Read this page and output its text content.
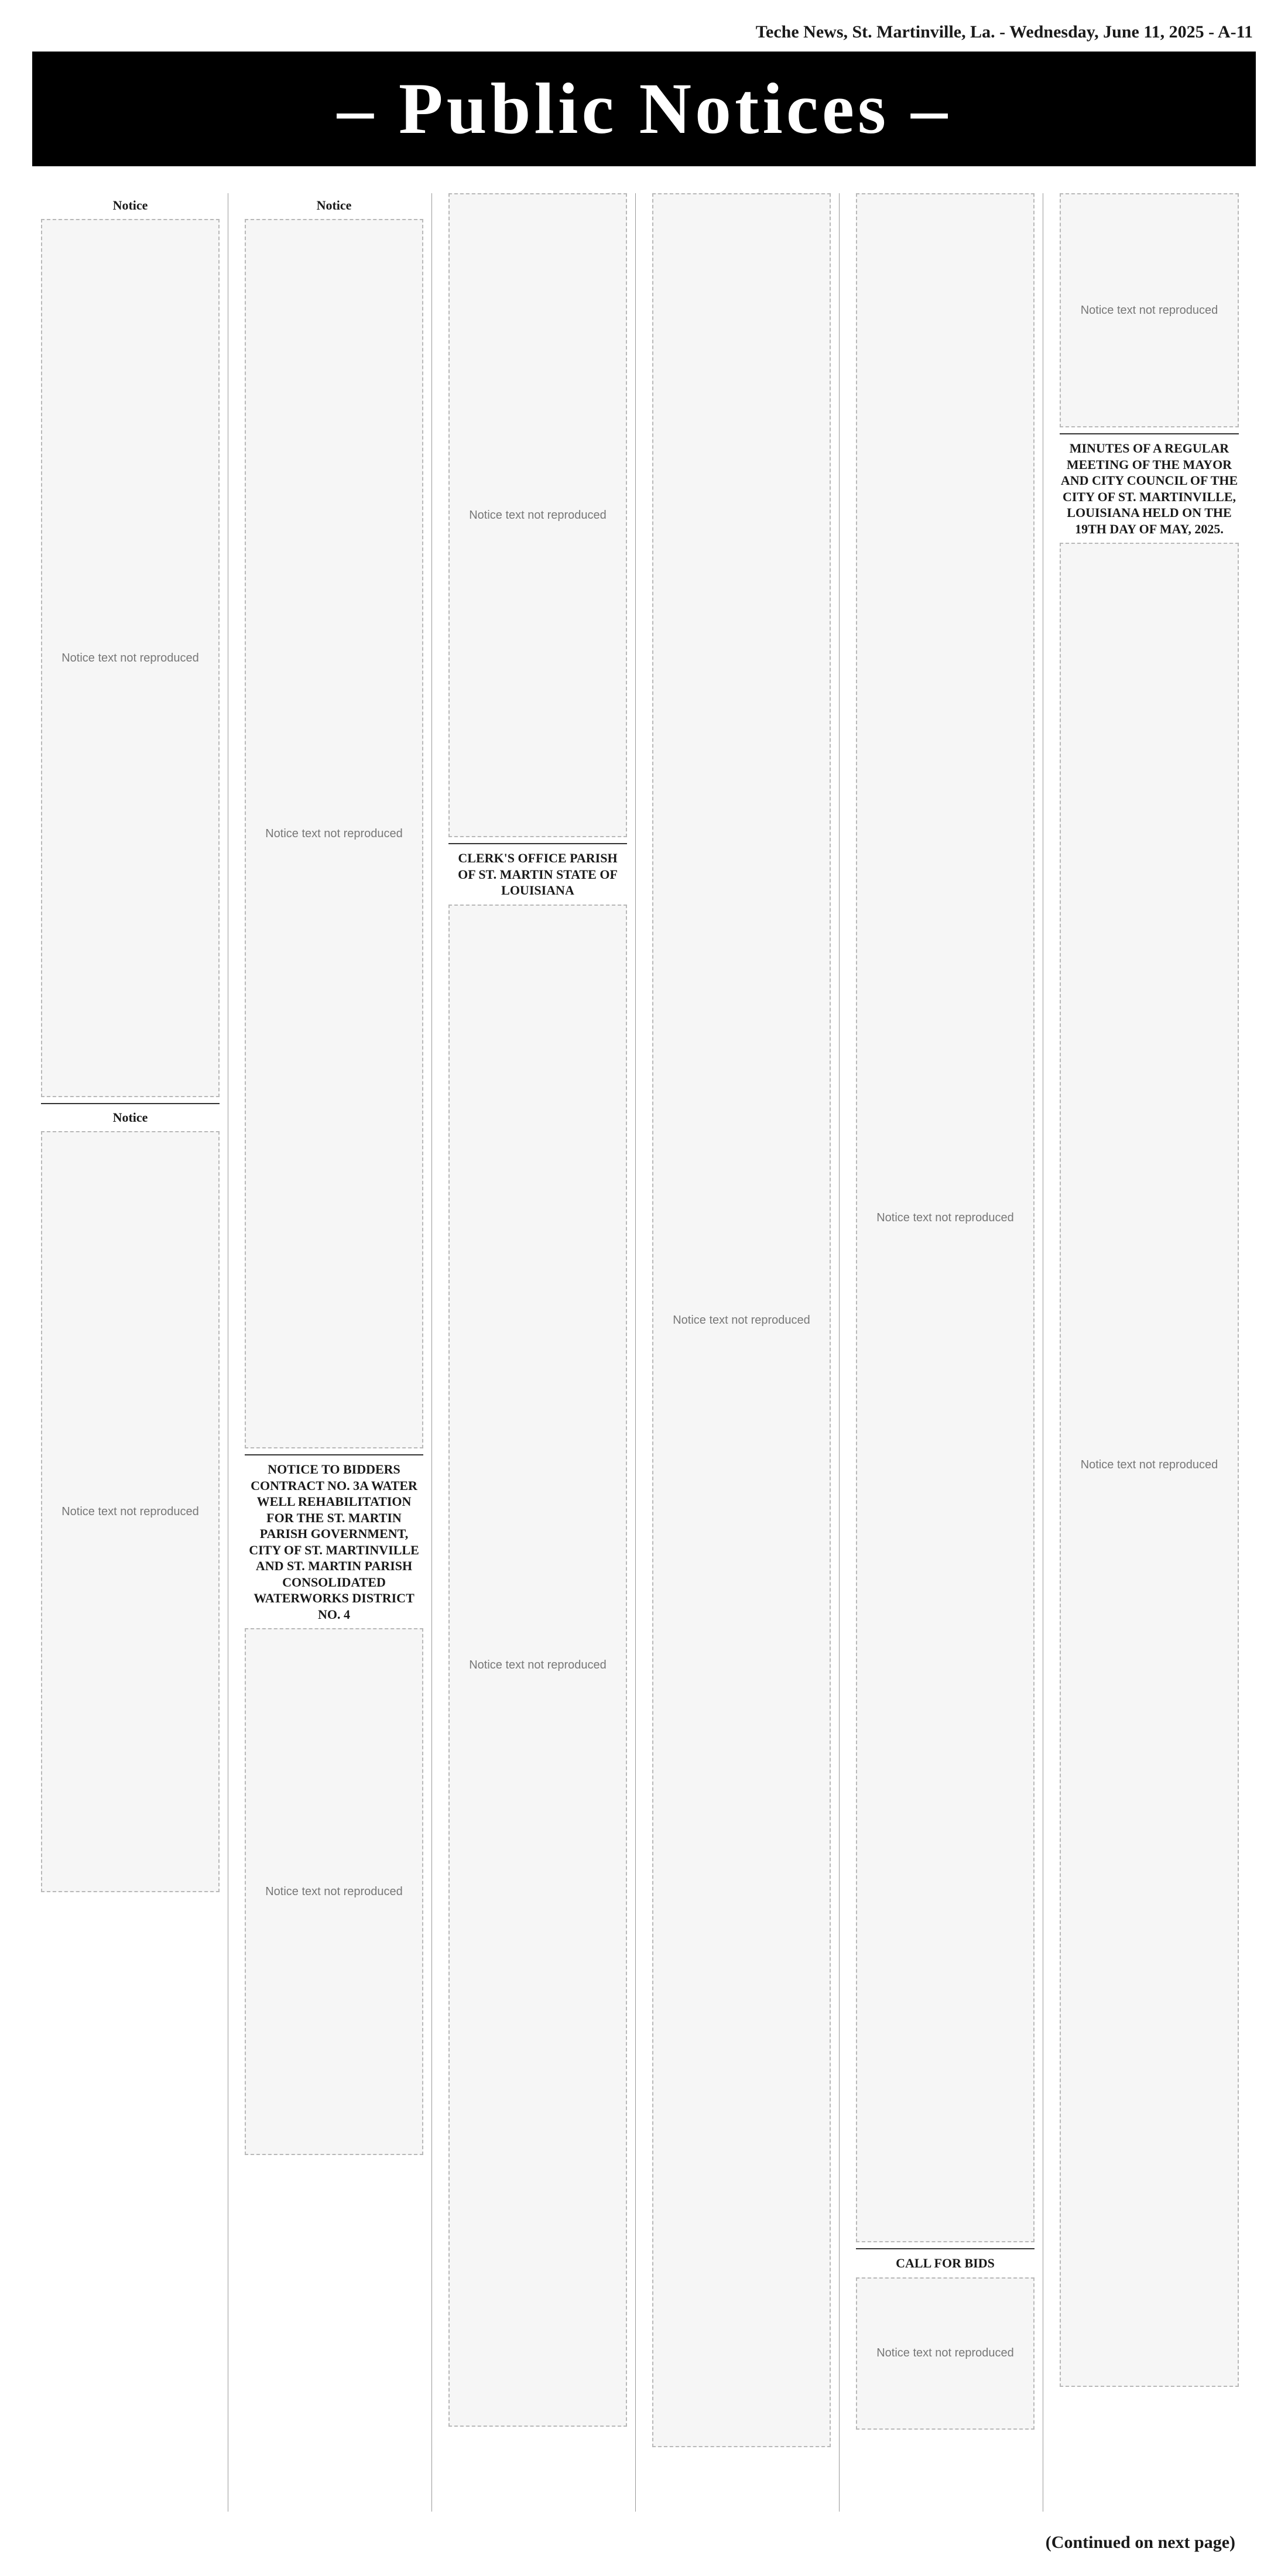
Teche News, St. Martinville, La. - Wednesday, June 11, 2025 - A-11
– Public Notices –
Notice
Notice text not reproduced
Notice
Notice text not reproduced
Notice
Notice text not reproduced
NOTICE TO BIDDERS CONTRACT NO. 3A WATER WELL REHABILITATION FOR THE ST. MARTIN PARISH GOVERNMENT, CITY OF ST. MARTINVILLE AND ST. MARTIN PARISH CONSOLIDATED WATERWORKS DISTRICT NO. 4
Notice text not reproduced
Notice text not reproduced
CLERK'S OFFICE PARISH OF ST. MARTIN STATE OF LOUISIANA
Notice text not reproduced
Notice text not reproduced
Notice text not reproduced
CALL FOR BIDS
Notice text not reproduced
Notice text not reproduced
MINUTES OF A REGULAR MEETING OF THE MAYOR AND CITY COUNCIL OF THE CITY OF ST. MARTINVILLE, LOUISIANA HELD ON THE 19TH DAY OF MAY, 2025.
Notice text not reproduced
(Continued on next page)
